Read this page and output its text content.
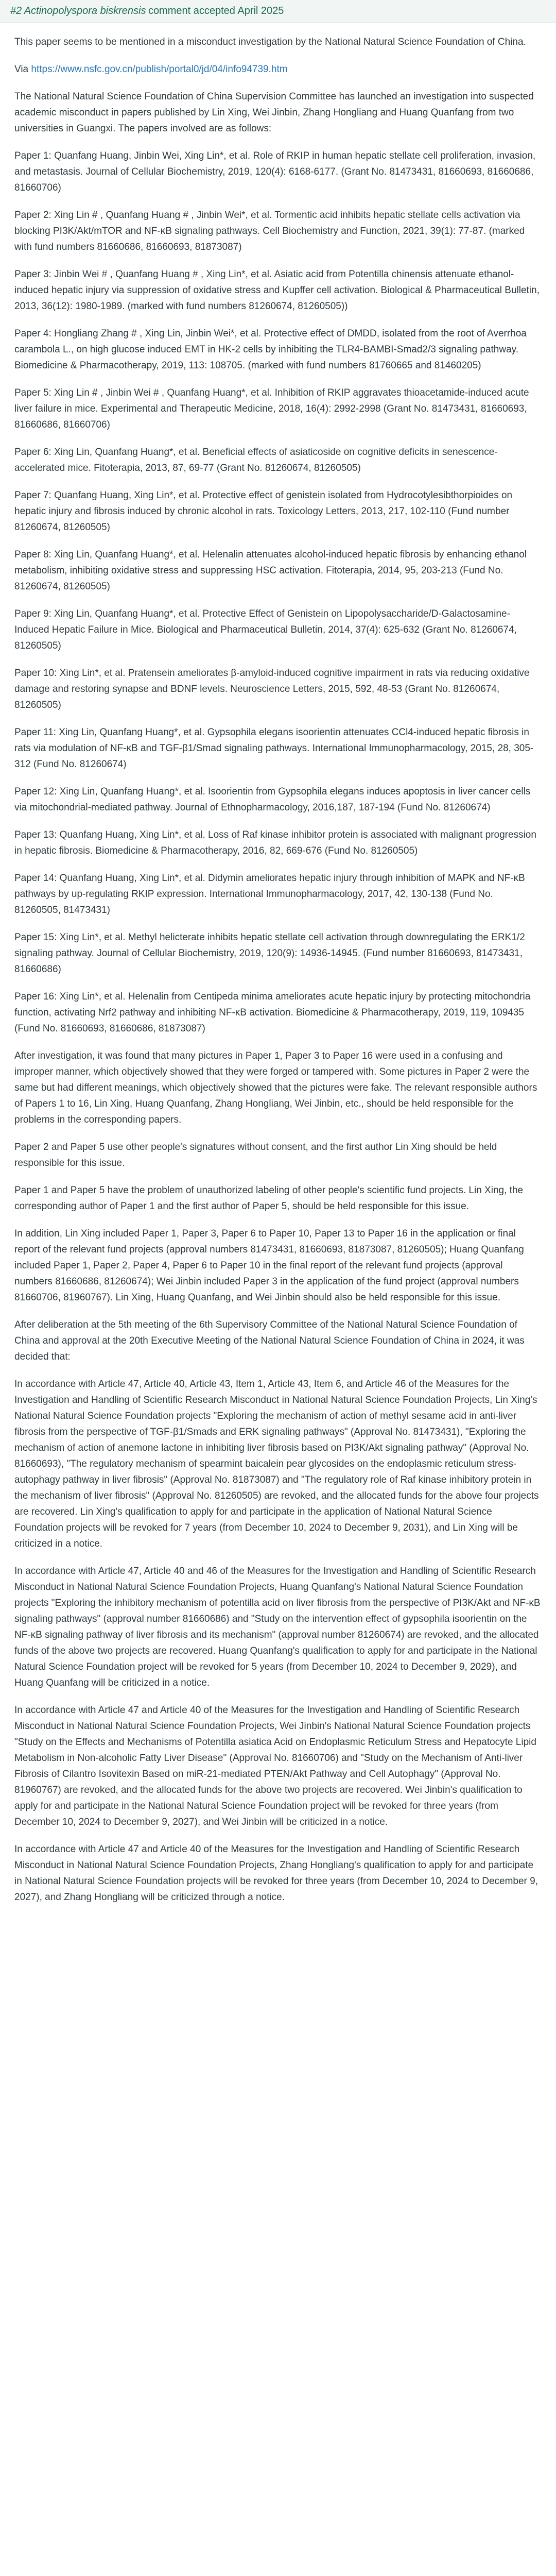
#2 Actinopolyspora biskrensis comment accepted April 2025

This paper seems to be mentioned in a misconduct investigation by the National Natural Science Foundation of China.

Via https://www.nsfc.gov.cn/publish/portal0/jd/04/info94739.htm

The National Natural Science Foundation of China Supervision Committee has launched an investigation into suspected academic misconduct in papers published by Lin Xing, Wei Jinbin, Zhang Hongliang and Huang Quanfang from two universities in Guangxi. The papers involved are as follows:

Paper 1: Quanfang Huang, Jinbin Wei, Xing Lin*, et al. Role of RKIP in human hepatic stellate cell proliferation, invasion, and metastasis. Journal of Cellular Biochemistry, 2019, 120(4): 6168-6177. (Grant No. 81473431, 81660693, 81660686, 81660706)

Paper 2: Xing Lin # , Quanfang Huang # , Jinbin Wei*, et al. Tormentic acid inhibits hepatic stellate cells activation via blocking PI3K/Akt/mTOR and NF-κB signaling pathways. Cell Biochemistry and Function, 2021, 39(1): 77-87. (marked with fund numbers 81660686, 81660693, 81873087)

Paper 3: Jinbin Wei # , Quanfang Huang # , Xing Lin*, et al. Asiatic acid from Potentilla chinensis attenuate ethanol-induced hepatic injury via suppression of oxidative stress and Kupffer cell activation. Biological & Pharmaceutical Bulletin, 2013, 36(12): 1980-1989. (marked with fund numbers 81260674, 81260505))

Paper 4: Hongliang Zhang # , Xing Lin, Jinbin Wei*, et al. Protective effect of DMDD, isolated from the root of Averrhoa carambola L., on high glucose induced EMT in HK-2 cells by inhibiting the TLR4-BAMBI-Smad2/3 signaling pathway. Biomedicine & Pharmacotherapy, 2019, 113: 108705. (marked with fund numbers 81760665 and 81460205)

Paper 5: Xing Lin # , Jinbin Wei # , Quanfang Huang*, et al. Inhibition of RKIP aggravates thioacetamide-induced acute liver failure in mice. Experimental and Therapeutic Medicine, 2018, 16(4): 2992-2998 (Grant No. 81473431, 81660693, 81660686, 81660706)

Paper 6: Xing Lin, Quanfang Huang*, et al. Beneficial effects of asiaticoside on cognitive deficits in senescence-accelerated mice. Fitoterapia, 2013, 87, 69-77 (Grant No. 81260674, 81260505)

Paper 7: Quanfang Huang, Xing Lin*, et al. Protective effect of genistein isolated from Hydrocotylesibthorpioides on hepatic injury and fibrosis induced by chronic alcohol in rats. Toxicology Letters, 2013, 217, 102-110 (Fund number 81260674, 81260505)

Paper 8: Xing Lin, Quanfang Huang*, et al. Helenalin attenuates alcohol-induced hepatic fibrosis by enhancing ethanol metabolism, inhibiting oxidative stress and suppressing HSC activation. Fitoterapia, 2014, 95, 203-213 (Fund No. 81260674, 81260505)

Paper 9: Xing Lin, Quanfang Huang*, et al. Protective Effect of Genistein on Lipopolysaccharide/D-Galactosamine- Induced Hepatic Failure in Mice. Biological and Pharmaceutical Bulletin, 2014, 37(4): 625-632 (Grant No. 81260674, 81260505)

Paper 10: Xing Lin*, et al. Pratensein ameliorates β-amyloid-induced cognitive impairment in rats via reducing oxidative damage and restoring synapse and BDNF levels. Neuroscience Letters, 2015, 592, 48-53 (Grant No. 81260674, 81260505)

Paper 11: Xing Lin, Quanfang Huang*, et al. Gypsophila elegans isoorientin attenuates CCl4-induced hepatic fibrosis in rats via modulation of NF-κB and TGF-β1/Smad signaling pathways. International Immunopharmacology, 2015, 28, 305-312 (Fund No. 81260674)

Paper 12: Xing Lin, Quanfang Huang*, et al. Isoorientin from Gypsophila elegans induces apoptosis in liver cancer cells via mitochondrial-mediated pathway. Journal of Ethnopharmacology, 2016,187, 187-194 (Fund No. 81260674)

Paper 13: Quanfang Huang, Xing Lin*, et al. Loss of Raf kinase inhibitor protein is associated with malignant progression in hepatic fibrosis. Biomedicine & Pharmacotherapy, 2016, 82, 669-676 (Fund No. 81260505)

Paper 14: Quanfang Huang, Xing Lin*, et al. Didymin ameliorates hepatic injury through inhibition of MAPK and NF-κB pathways by up-regulating RKIP expression. International Immunopharmacology, 2017, 42, 130-138 (Fund No. 81260505, 81473431)

Paper 15: Xing Lin*, et al. Methyl helicterate inhibits hepatic stellate cell activation through downregulating the ERK1/2 signaling pathway. Journal of Cellular Biochemistry, 2019, 120(9): 14936-14945. (Fund number 81660693, 81473431, 81660686)

Paper 16: Xing Lin*, et al. Helenalin from Centipeda minima ameliorates acute hepatic injury by protecting mitochondria function, activating Nrf2 pathway and inhibiting NF-κB activation. Biomedicine & Pharmacotherapy, 2019, 119, 109435 (Fund No. 81660693, 81660686, 81873087)

After investigation, it was found that many pictures in Paper 1, Paper 3 to Paper 16 were used in a confusing and improper manner, which objectively showed that they were forged or tampered with. Some pictures in Paper 2 were the same but had different meanings, which objectively showed that the pictures were fake. The relevant responsible authors of Papers 1 to 16, Lin Xing, Huang Quanfang, Zhang Hongliang, Wei Jinbin, etc., should be held responsible for the problems in the corresponding papers.

Paper 2 and Paper 5 use other people's signatures without consent, and the first author Lin Xing should be held responsible for this issue.

Paper 1 and Paper 5 have the problem of unauthorized labeling of other people's scientific fund projects. Lin Xing, the corresponding author of Paper 1 and the first author of Paper 5, should be held responsible for this issue.

In addition, Lin Xing included Paper 1, Paper 3, Paper 6 to Paper 10, Paper 13 to Paper 16 in the application or final report of the relevant fund projects (approval numbers 81473431, 81660693, 81873087, 81260505); Huang Quanfang included Paper 1, Paper 2, Paper 4, Paper 6 to Paper 10 in the final report of the relevant fund projects (approval numbers 81660686, 81260674); Wei Jinbin included Paper 3 in the application of the fund project (approval numbers 81660706, 81960767). Lin Xing, Huang Quanfang, and Wei Jinbin should also be held responsible for this issue.

After deliberation at the 5th meeting of the 6th Supervisory Committee of the National Natural Science Foundation of China and approval at the 20th Executive Meeting of the National Natural Science Foundation of China in 2024, it was decided that:

In accordance with Article 47, Article 40, Article 43, Item 1, Article 43, Item 6, and Article 46 of the Measures for the Investigation and Handling of Scientific Research Misconduct in National Natural Science Foundation Projects, Lin Xing's National Natural Science Foundation projects "Exploring the mechanism of action of methyl sesame acid in anti-liver fibrosis from the perspective of TGF-β1/Smads and ERK signaling pathways" (Approval No. 81473431), "Exploring the mechanism of action of anemone lactone in inhibiting liver fibrosis based on PI3K/Akt signaling pathway" (Approval No. 81660693), "The regulatory mechanism of spearmint baicalein pear glycosides on the endoplasmic reticulum stress-autophagy pathway in liver fibrosis" (Approval No. 81873087) and "The regulatory role of Raf kinase inhibitory protein in the mechanism of liver fibrosis" (Approval No. 81260505) are revoked, and the allocated funds for the above four projects are recovered. Lin Xing's qualification to apply for and participate in the application of National Natural Science Foundation projects will be revoked for 7 years (from December 10, 2024 to December 9, 2031), and Lin Xing will be criticized in a notice.

In accordance with Article 47, Article 40 and 46 of the Measures for the Investigation and Handling of Scientific Research Misconduct in National Natural Science Foundation Projects, Huang Quanfang's National Natural Science Foundation projects "Exploring the inhibitory mechanism of potentilla acid on liver fibrosis from the perspective of PI3K/Akt and NF-κB signaling pathways" (approval number 81660686) and "Study on the intervention effect of gypsophila isoorientin on the NF-κB signaling pathway of liver fibrosis and its mechanism" (approval number 81260674) are revoked, and the allocated funds of the above two projects are recovered. Huang Quanfang's qualification to apply for and participate in the National Natural Science Foundation project will be revoked for 5 years (from December 10, 2024 to December 9, 2029), and Huang Quanfang will be criticized in a notice.

In accordance with Article 47 and Article 40 of the Measures for the Investigation and Handling of Scientific Research Misconduct in National Natural Science Foundation Projects, Wei Jinbin's National Natural Science Foundation projects "Study on the Effects and Mechanisms of Potentilla asiatica Acid on Endoplasmic Reticulum Stress and Hepatocyte Lipid Metabolism in Non-alcoholic Fatty Liver Disease" (Approval No. 81660706) and "Study on the Mechanism of Anti-liver Fibrosis of Cilantro Isovitexin Based on miR-21-mediated PTEN/Akt Pathway and Cell Autophagy" (Approval No. 81960767) are revoked, and the allocated funds for the above two projects are recovered. Wei Jinbin's qualification to apply for and participate in the National Natural Science Foundation project will be revoked for three years (from December 10, 2024 to December 9, 2027), and Wei Jinbin will be criticized in a notice.

In accordance with Article 47 and Article 40 of the Measures for the Investigation and Handling of Scientific Research Misconduct in National Natural Science Foundation Projects, Zhang Hongliang's qualification to apply for and participate in National Natural Science Foundation projects will be revoked for three years (from December 10, 2024 to December 9, 2027), and Zhang Hongliang will be criticized through a notice.
